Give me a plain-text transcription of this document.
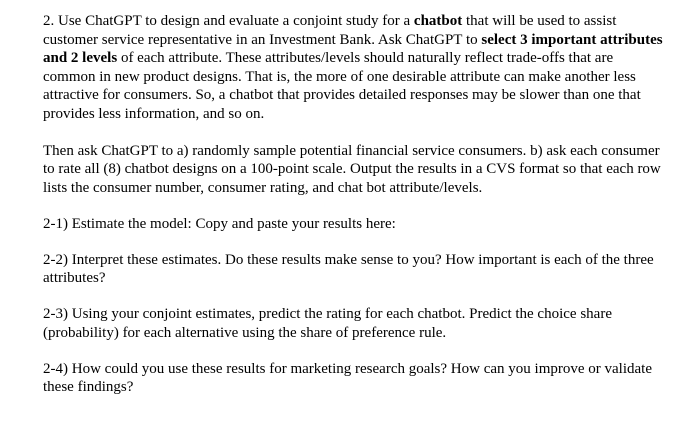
2. Use ChatGPT to design and evaluate a conjoint study for a chatbot that will be used to assist customer service representative in an Investment Bank. Ask ChatGPT to select 3 important attributes and 2 levels of each attribute. These attributes/levels should naturally reflect trade-offs that are common in new product designs. That is, the more of one desirable attribute can make another less attractive for consumers. So, a chatbot that provides detailed responses may be slower than one that provides less information, and so on.

Then ask ChatGPT to a) randomly sample potential financial service consumers. b) ask each consumer to rate all (8) chatbot designs on a 100-point scale. Output the results in a CVS format so that each row lists the consumer number, consumer rating, and chat bot attribute/levels.

2-1) Estimate the model: Copy and paste your results here:

2-2) Interpret these estimates. Do these results make sense to you? How important is each of the three attributes?

2-3) Using your conjoint estimates, predict the rating for each chatbot. Predict the choice share (probability) for each alternative using the share of preference rule.

2-4) How could you use these results for marketing research goals? How can you improve or validate these findings?
